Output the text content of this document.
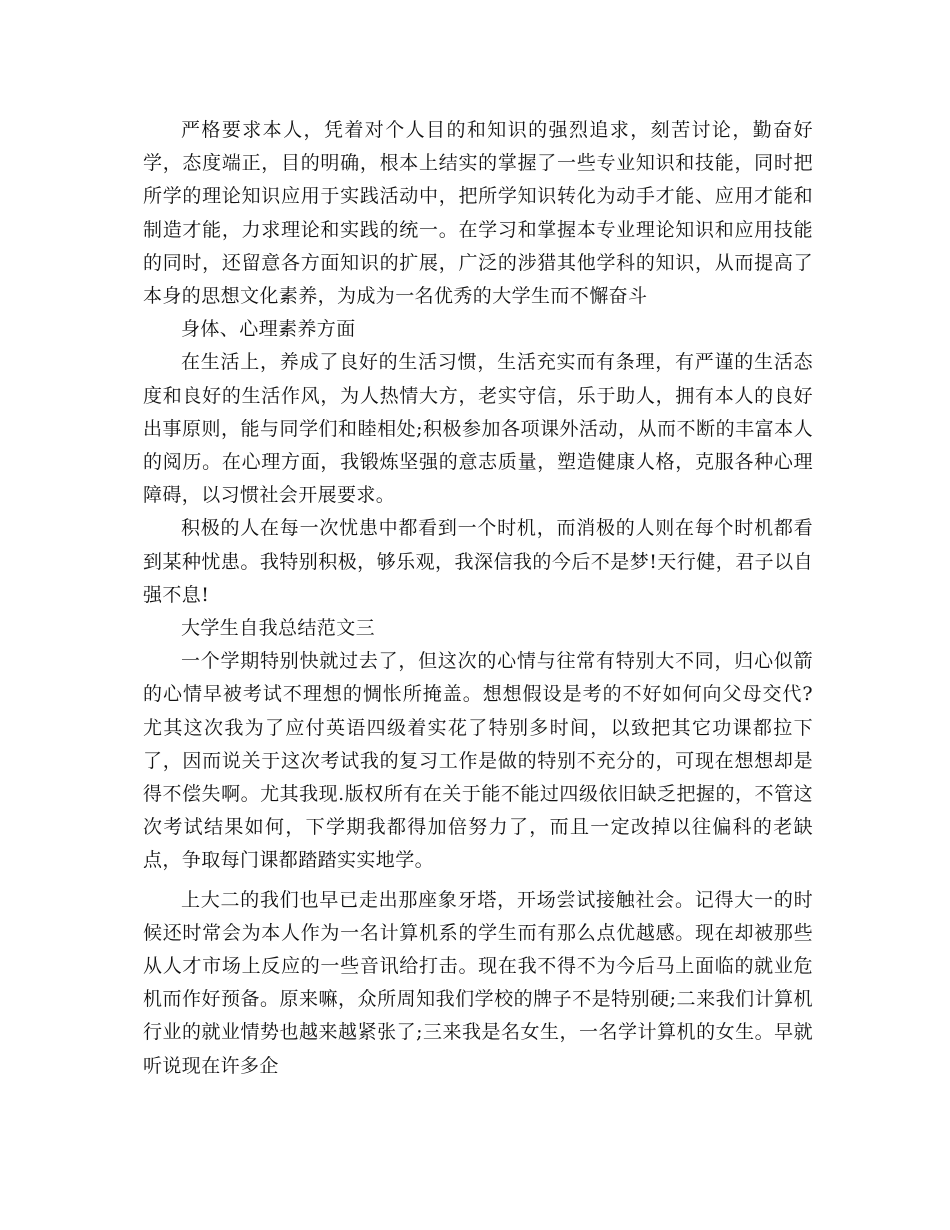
严格要求本人，凭着对个人目的和知识的强烈追求，刻苦讨论，勤奋好学，态度端正，目的明确，根本上结实的掌握了一些专业知识和技能，同时把所学的理论知识应用于实践活动中，把所学知识转化为动手才能、应用才能和制造才能，力求理论和实践的统一。在学习和掌握本专业理论知识和应用技能的同时，还留意各方面知识的扩展，广泛的涉猎其他学科的知识，从而提高了本身的思想文化素养，为成为一名优秀的大学生而不懈奋斗

身体、心理素养方面

在生活上，养成了良好的生活习惯，生活充实而有条理，有严谨的生活态度和良好的生活作风，为人热情大方，老实守信，乐于助人，拥有本人的良好出事原则，能与同学们和睦相处;积极参加各项课外活动，从而不断的丰富本人的阅历。在心理方面，我锻炼坚强的意志质量，塑造健康人格，克服各种心理障碍，以习惯社会开展要求。

积极的人在每一次忧患中都看到一个时机，而消极的人则在每个时机都看到某种忧患。我特别积极，够乐观，我深信我的今后不是梦!天行健，君子以自强不息!

大学生自我总结范文三

一个学期特别快就过去了，但这次的心情与往常有特别大不同，归心似箭的心情早被考试不理想的惆怅所掩盖。想想假设是考的不好如何向父母交代?尤其这次我为了应付英语四级着实花了特别多时间，以致把其它功课都拉下了，因而说关于这次考试我的复习工作是做的特别不充分的，可现在想想却是得不偿失啊。尤其我现.版权所有在关于能不能过四级依旧缺乏把握的，不管这次考试结果如何，下学期我都得加倍努力了，而且一定改掉以往偏科的老缺点，争取每门课都踏踏实实地学。

上大二的我们也早已走出那座象牙塔，开场尝试接触社会。记得大一的时候还时常会为本人作为一名计算机系的学生而有那么点优越感。现在却被那些从人才市场上反应的一些音讯给打击。现在我不得不为今后马上面临的就业危机而作好预备。原来嘛，众所周知我们学校的牌子不是特别硬;二来我们计算机行业的就业情势也越来越紧张了;三来我是名女生，一名学计算机的女生。早就听说现在许多企
